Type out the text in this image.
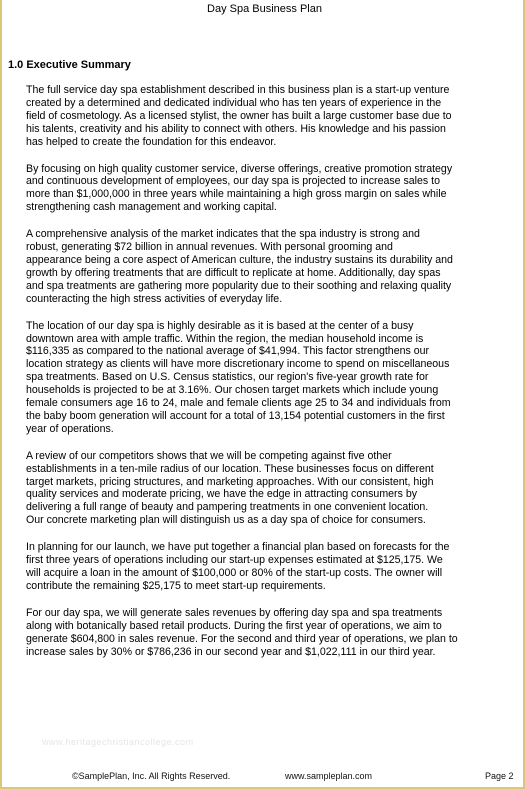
Day Spa Business Plan
1.0 Executive Summary

The full service day spa establishment described in this business plan is a start-up venture
created by a determined and dedicated individual who has ten years of experience in the
field of cosmetology. As a licensed stylist, the owner has built a large customer base due to
his talents, creativity and his ability to connect with others. His knowledge and his passion
has helped to create the foundation for this endeavor.

By focusing on high quality customer service, diverse offerings, creative promotion strategy
and continuous development of employees, our day spa is projected to increase sales to
more than $1,000,000 in three years while maintaining a high gross margin on sales while
strengthening cash management and working capital.

A comprehensive analysis of the market indicates that the spa industry is strong and
robust, generating $72 billion in annual revenues. With personal grooming and
appearance being a core aspect of American culture, the industry sustains its durability and
growth by offering treatments that are difficult to replicate at home. Additionally, day spas
and spa treatments are gathering more popularity due to their soothing and relaxing quality
counteracting the high stress activities of everyday life.

The location of our day spa is highly desirable as it is based at the center of a busy
downtown area with ample traffic. Within the region, the median household income is
$116,335 as compared to the national average of $41,994. This factor strengthens our
location strategy as clients will have more discretionary income to spend on miscellaneous
spa treatments. Based on U.S. Census statistics, our region's five-year growth rate for
households is projected to be at 3.16%. Our chosen target markets which include young
female consumers age 16 to 24, male and female clients age 25 to 34 and individuals from
the baby boom generation will account for a total of 13,154 potential customers in the first
year of operations.

A review of our competitors shows that we will be competing against five other
establishments in a ten-mile radius of our location. These businesses focus on different
target markets, pricing structures, and marketing approaches. With our consistent, high
quality services and moderate pricing, we have the edge in attracting consumers by
delivering a full range of beauty and pampering treatments in one convenient location.
Our concrete marketing plan will distinguish us as a day spa of choice for consumers.

In planning for our launch, we have put together a financial plan based on forecasts for the
first three years of operations including our start-up expenses estimated at $125,175. We
will acquire a loan in the amount of $100,000 or 80% of the start-up costs. The owner will
contribute the remaining $25,175 to meet start-up requirements.

For our day spa, we will generate sales revenues by offering day spa and spa treatments
along with botanically based retail products. During the first year of operations, we aim to
generate $604,800 in sales revenue. For the second and third year of operations, we plan to
increase sales by 30% or $786,236 in our second year and $1,022,111 in our third year.

www.heritagechristiancollege.com
©SamplePlan, Inc. All Rights Reserved.	www.sampleplan.com	Page 2
